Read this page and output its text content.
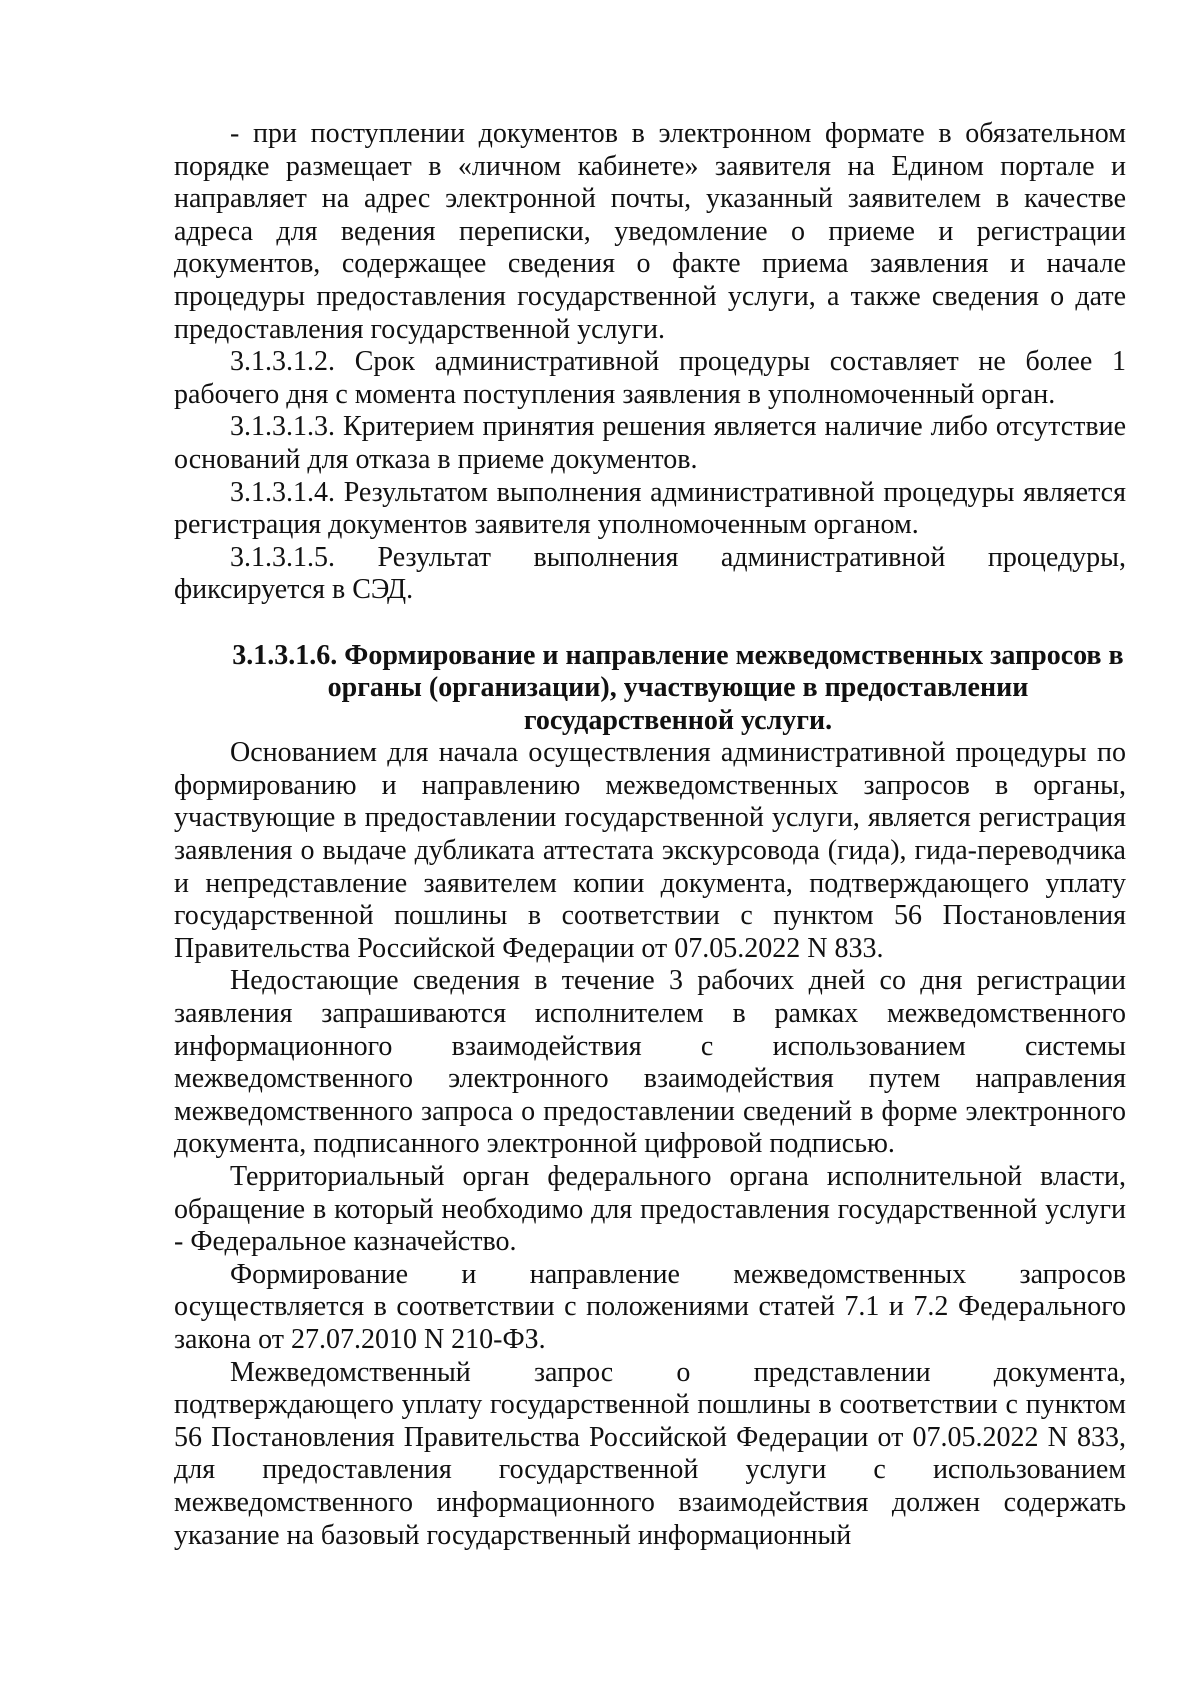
- при поступлении документов в электронном формате в обязательном порядке размещает в «личном кабинете» заявителя на Едином портале и направляет на адрес электронной почты, указанный заявителем в качестве адреса для ведения переписки, уведомление о приеме и регистрации документов, содержащее сведения о факте приема заявления и начале процедуры предоставления государственной услуги, а также сведения о дате предоставления государственной услуги.

3.1.3.1.2. Срок административной процедуры составляет не более 1 рабочего дня с момента поступления заявления в уполномоченный орган.

3.1.3.1.3. Критерием принятия решения является наличие либо отсутствие оснований для отказа в приеме документов.

3.1.3.1.4. Результатом выполнения административной процедуры является регистрация документов заявителя уполномоченным органом.

3.1.3.1.5. Результат выполнения административной процедуры, фиксируется в СЭД.

3.1.3.1.6. Формирование и направление межведомственных запросов в органы (организации), участвующие в предоставлении государственной услуги.

Основанием для начала осуществления административной процедуры по формированию и направлению межведомственных запросов в органы, участвующие в предоставлении государственной услуги, является регистрация заявления о выдаче дубликата аттестата экскурсовода (гида), гида-переводчика и непредставление заявителем копии документа, подтверждающего уплату государственной пошлины в соответствии с пунктом 56 Постановления Правительства Российской Федерации от 07.05.2022 N 833.

Недостающие сведения в течение 3 рабочих дней со дня регистрации заявления запрашиваются исполнителем в рамках межведомственного информационного взаимодействия с использованием системы межведомственного электронного взаимодействия путем направления межведомственного запроса о предоставлении сведений в форме электронного документа, подписанного электронной цифровой подписью.

Территориальный орган федерального органа исполнительной власти, обращение в который необходимо для предоставления государственной услуги - Федеральное казначейство.

Формирование и направление межведомственных запросов осуществляется в соответствии с положениями статей 7.1 и 7.2 Федерального закона от 27.07.2010 N 210-ФЗ.

Межведомственный запрос о представлении документа, подтверждающего уплату государственной пошлины в соответствии с пунктом 56 Постановления Правительства Российской Федерации от 07.05.2022 N 833, для предоставления государственной услуги с использованием межведомственного информационного взаимодействия должен содержать указание на базовый государственный информационный
